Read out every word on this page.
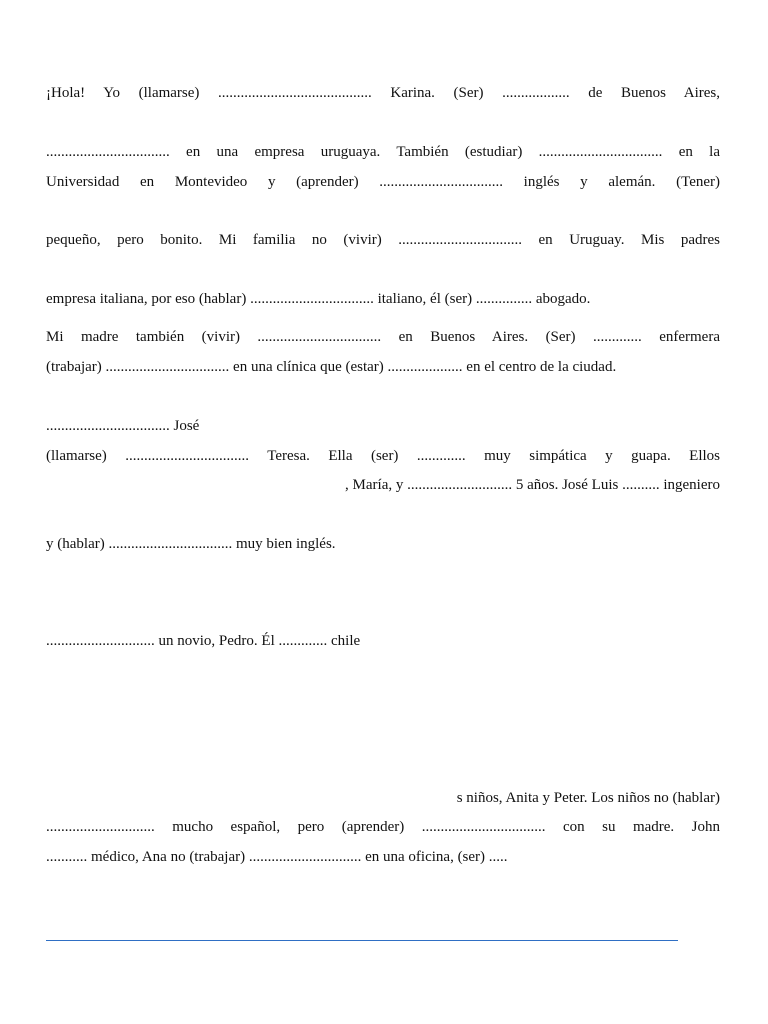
¡Hola! Yo (llamarse) ......................................... Karina. (Ser) .................. de Buenos Aires,
................................. en una empresa uruguaya. También (estudiar) ................................. en la
Universidad en Montevideo y (aprender) ................................. inglés y alemán. (Tener)
pequeño, pero bonito. Mi familia no (vivir) ................................. en Uruguay. Mis padres
empresa italiana, por eso (hablar) ................................. italiano, él (ser) ............... abogado.
Mi madre también (vivir) ................................. en Buenos Aires. (Ser) ............. enfermera
(trabajar) ................................. en una clínica que (estar) .................... en el centro de la ciudad.
................................. José
(llamarse) ................................. Teresa. Ella (ser) ............. muy simpática y guapa. Ellos
, María, y ............................ 5 años. José Luis .......... ingeniero
y (hablar) ................................. muy bien inglés.
............................. un novio, Pedro. Él ............. chile
s niños, Anita y Peter. Los niños no (hablar)
............................. mucho español, pero (aprender) ................................. con su madre. John
........... médico, Ana no (trabajar) .............................. en una oficina, (ser) .....
